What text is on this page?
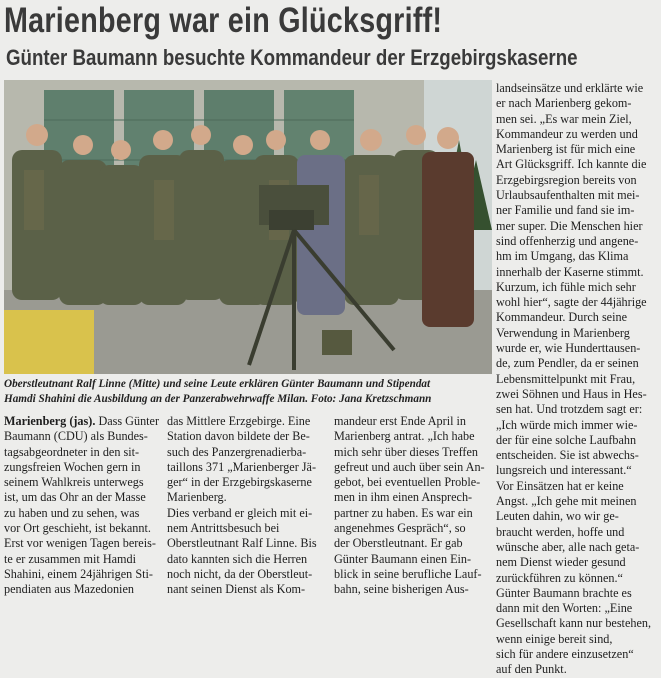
Marienberg war ein Glücksgriff!
Günter Baumann besuchte Kommandeur der Erzgebirgskaserne

Oberstleutnant Ralf Linne (Mitte) und seine Leute erklären Günter Baumann und Stipendat

Hamdi Shahini die Ausbildung an der Panzerabwehrwaffe Milan. Foto: Jana Kretzschmann

landseinsätze und erklärte wie

er nach Marienberg gekom-

men sei. „Es war mein Ziel,

Kommandeur zu werden und

Marienberg ist für mich eine

Art Glücksgriff. Ich kannte die

Erzgebirgsregion bereits von

Urlaubsaufenthalten mit mei-

ner Familie und fand sie im-

mer super. Die Menschen hier

sind offenherzig und angene-

hm im Umgang, das Klima

innerhalb der Kaserne stimmt.

Kurzum, ich fühle mich sehr

wohl hier“, sagte der 44jährige

Kommandeur. Durch seine

Verwendung in Marienberg

wurde er, wie Hunderttausen-

de, zum Pendler, da er seinen

Lebensmittelpunkt mit Frau,

zwei Söhnen und Haus in Hes-

sen hat. Und trotzdem sagt er:

„Ich würde mich immer wie-

der für eine solche Laufbahn

entscheiden. Sie ist abwechs-

lungsreich und interessant.“

Vor Einsätzen hat er keine

Angst. „Ich gehe mit meinen

Leuten dahin, wo wir ge-

braucht werden, hoffe und

wünsche aber, alle nach geta-

nem Dienst wieder gesund

zurückführen zu können.“

Günter Baumann brachte es

dann mit den Worten: „Eine

Gesellschaft kann nur bestehen,

wenn einige bereit sind,

sich für andere einzusetzen“

auf den Punkt.

Marienberg (jas). Dass Günter

Baumann (CDU) als Bundes-

tagsabgeordneter in den sit-

zungsfreien Wochen gern in

seinem Wahlkreis unterwegs

ist, um das Ohr an der Masse

zu haben und zu sehen, was

vor Ort geschieht, ist bekannt.

Erst vor wenigen Tagen bereis-

te er zusammen mit Hamdi

Shahini, einem 24jährigen Sti-

pendiaten aus Mazedonien

das Mittlere Erzgebirge. Eine

Station davon bildete der Be-

such des Panzergrenadierba-

taillons 371 „Marienberger Jä-

ger“ in der Erzgebirgskaserne

Marienberg.

Dies verband er gleich mit ei-

nem Antrittsbesuch bei

Oberstleutnant Ralf Linne. Bis

dato kannten sich die Herren

noch nicht, da der Oberstleut-

nant seinen Dienst als Kom-

mandeur erst Ende April in

Marienberg antrat. „Ich habe

mich sehr über dieses Treffen

gefreut und auch über sein An-

gebot, bei eventuellen Proble-

men in ihm einen Ansprech-

partner zu haben. Es war ein

angenehmes Gespräch“, so

der Oberstleutnant. Er gab

Günter Baumann einen Ein-

blick in seine berufliche Lauf-

bahn, seine bisherigen Aus-
